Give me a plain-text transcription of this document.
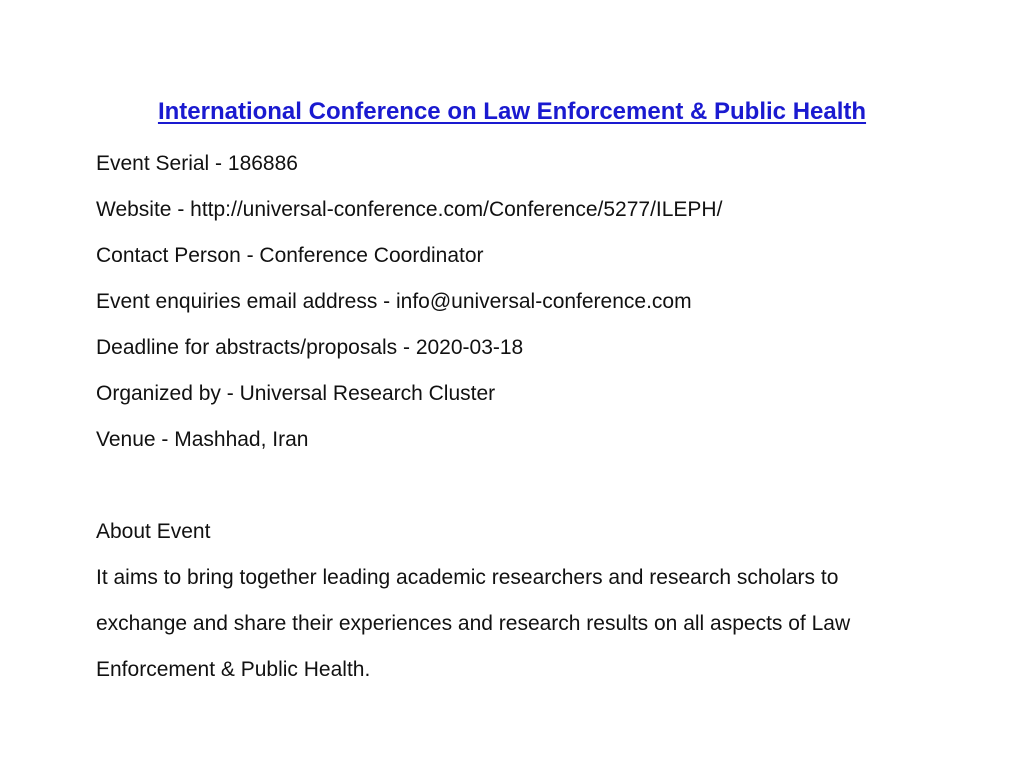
International Conference on Law Enforcement & Public Health
Event Serial - 186886
Website - http://universal-conference.com/Conference/5277/ILEPH/
Contact Person - Conference Coordinator
Event enquiries email address - info@universal-conference.com
Deadline for abstracts/proposals - 2020-03-18
Organized by - Universal Research Cluster
Venue - Mashhad, Iran
About Event
It aims to bring together leading academic researchers and research scholars to
exchange and share their experiences and research results on all aspects of Law
Enforcement & Public Health.
